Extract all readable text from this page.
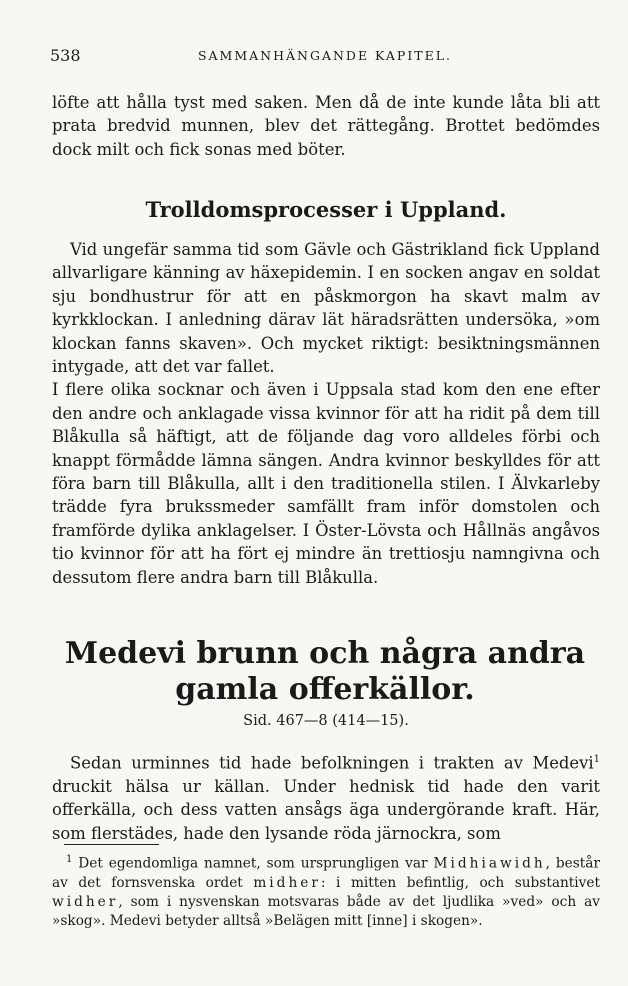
538	SAMMANHÄNGANDE KAPITEL.

löfte att hålla tyst med saken. Men då de inte kunde låta bli att prata bredvid munnen, blev det rättegång. Brottet bedömdes dock milt och fick sonas med böter.

Trolldomsprocesser i Uppland.

Vid ungefär samma tid som Gävle och Gästrikland fick Uppland allvarligare känning av häxepidemin. I en socken angav en soldat sju bondhustrur för att en påskmorgon ha skavt malm av kyrkklockan. I anledning därav lät häradsrätten undersöka, »om klockan fanns skaven». Och mycket riktigt: besiktningsmännen intygade, att det var fallet.

I flere olika socknar och även i Uppsala stad kom den ene efter den andre och anklagade vissa kvinnor för att ha ridit på dem till Blåkulla så häftigt, att de följande dag voro alldeles förbi och knappt förmådde lämna sängen. Andra kvinnor beskylldes för att föra barn till Blåkulla, allt i den traditionella stilen. I Älvkarleby trädde fyra brukssmeder samfällt fram inför domstolen och framförde dylika anklagelser. I Öster-Lövsta och Hållnäs angåvos tio kvinnor för att ha fört ej mindre än trettiosju namngivna och dessutom flere andra barn till Blåkulla.

Medevi brunn och några andra gamla offerkällor.
Sid. 467—8 (414—15).

Sedan urminnes tid hade befolkningen i trakten av Medevi$^1$ druckit hälsa ur källan. Under hednisk tid hade den varit offerkälla, och dess vatten ansågs äga undergörande kraft. Här, som flerstädes, hade den lysande röda järnockra, som

$^1$ Det egendomliga namnet, som ursprungligen var Midhiawidh, består av det fornsvenska ordet midher: i mitten befintlig, och substantivet widher, som i nysvenskan motsvaras både av det ljudlika »ved» och av »skog». Medevi betyder alltså »Belägen mitt [inne] i skogen».
